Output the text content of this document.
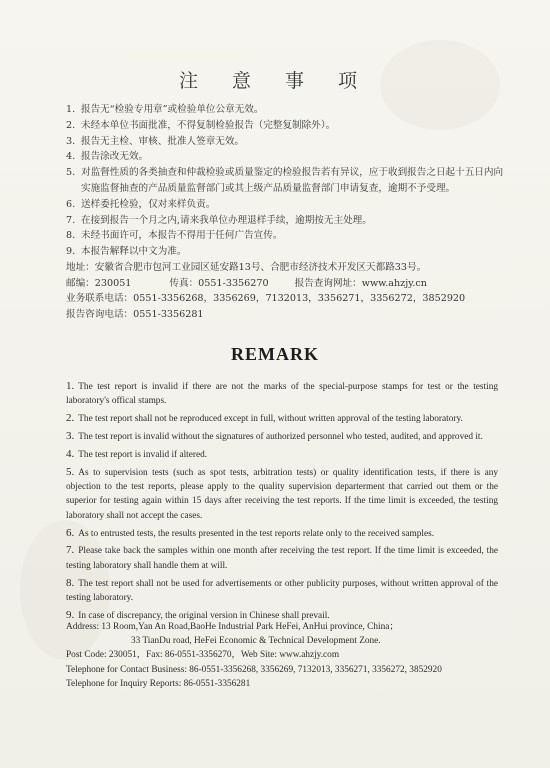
注 意 事 项
1. 报告无“检验专用章”或检验单位公章无效。
2. 未经本单位书面批准，不得复制检验报告（完整复制除外）。
3. 报告无主检、审核、批准人签章无效。
4. 报告涂改无效。
5. 对监督性质的各类抽查和仲裁检验或质量鉴定的检验报告若有异议，应于收到报告之日起十五日内向实施监督抽查的产品质量监督部门或其上级产品质量监督部门申请复查，逾期不予受理。
6. 送样委托检验，仅对来样负责。
7. 在接到报告一个月之内,请来我单位办理退样手续，逾期按无主处理。
8. 未经书面许可，本报告不得用于任何广告宣传。
9. 本报告解释以中文为准。
地址：安徽省合肥市包河工业园区延安路13号、合肥市经济技术开发区天都路33号。
邮编：230051	传真：0551-3356270	报告查询网址：www.ahzjy.cn
业务联系电话：0551-3356268，3356269，7132013，3356271，3356272，3852920
报告咨询电话：0551-3356281
REMARK
1. The test report is invalid if there are not the marks of the special-purpose stamps for test or the testing laboratory's offical stamps.
2. The test report shall not be reproduced except in full, without written approval of the testing laboratory.
3. The test report is invalid without the signatures of authorized personnel who tested, audited, and approved it.
4. The test report is invalid if altered.
5. As to supervision tests (such as spot tests, arbitration tests) or quality identification tests, if there is any objection to the test reports, please apply to the quality supervision departerment that carried out them or the superior for testing again within 15 days after receiving the test reports. If the time limit is exceeded, the testing laboratory shall not accept the cases.
6. As to entrusted tests, the results presented in the test reports relate only to the received samples.
7. Please take back the samples within one month after receiving the test report. If the time limit is exceeded, the testing laboratory shall handle them at will.
8. The test report shall not be used for advertisements or other publicity purposes, without written approval of the testing laboratory.
9. In case of discrepancy, the original version in Chinese shall prevail.
Address: 13 Room,Yan An Road,BaoHe Industrial Park HeFei, AnHui province, China；
33 TianDu road, HeFei Economic & Technical Development Zone.
Post Code: 230051，Fax: 86-0551-3356270，Web Site: www.ahzjy.com
Telephone for Contact Business: 86-0551-3356268, 3356269, 7132013, 3356271, 3356272, 3852920
Telephone for Inquiry Reports: 86-0551-3356281
